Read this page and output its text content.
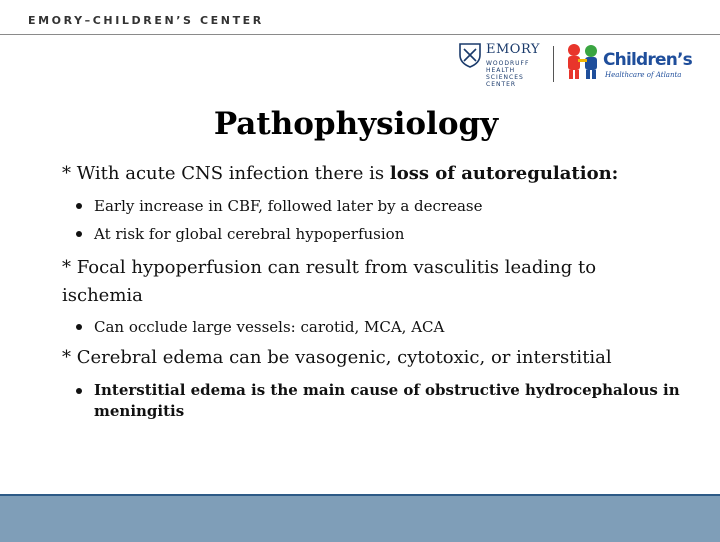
EMORY–CHILDREN’S CENTER
EMORY
WOODRUFF
HEALTH
SCIENCES
CENTER
Children’s
Healthcare of Atlanta
Pathophysiology
* With acute CNS infection there is loss of autoregulation:
Early increase in CBF, followed later by a decrease
At risk for global cerebral hypoperfusion
* Focal hypoperfusion can result from vasculitis leading to
ischemia
Can occlude large vessels: carotid, MCA, ACA
* Cerebral edema can be vasogenic, cytotoxic, or interstitial
Interstitial edema is the main cause of obstructive hydrocephalous in
meningitis
